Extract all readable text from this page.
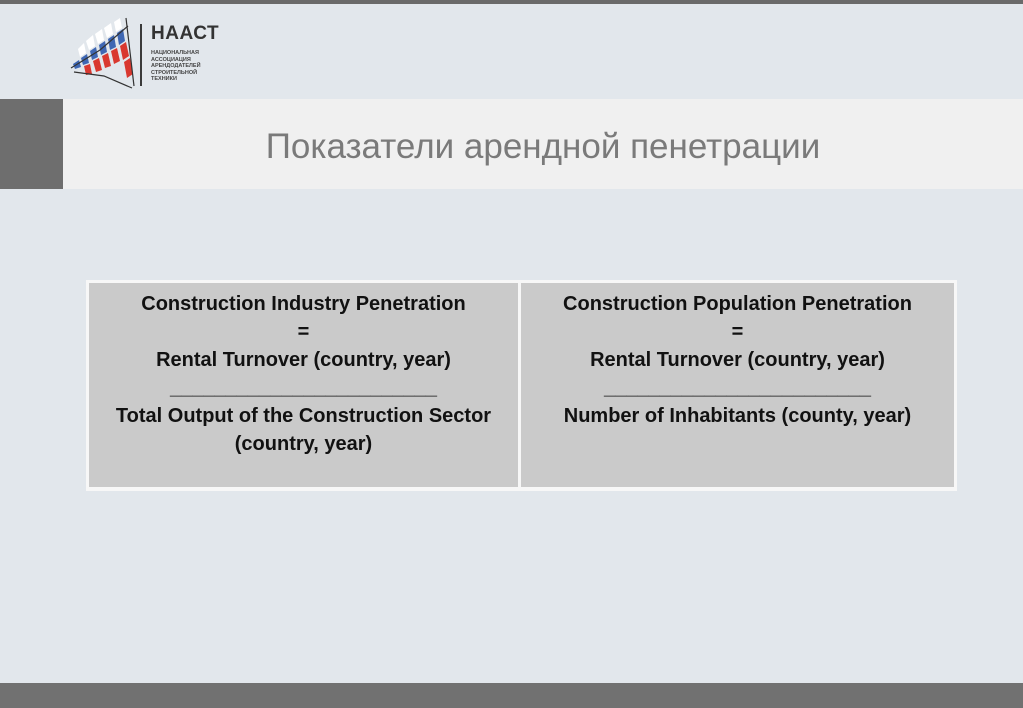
НААСТ
НАЦИОНАЛЬНАЯ
АССОЦИАЦИЯ
АРЕНДОДАТЕЛЕЙ
СТРОИТЕЛЬНОЙ
ТЕХНИКИ
Показатели арендной пенетрации
Construction Industry Penetration
=
Rental Turnover (country, year)
________________________
Total Output of the Construction Sector (country, year)
Construction Population Penetration
=
Rental Turnover (country, year)
________________________
Number of Inhabitants (county, year)
